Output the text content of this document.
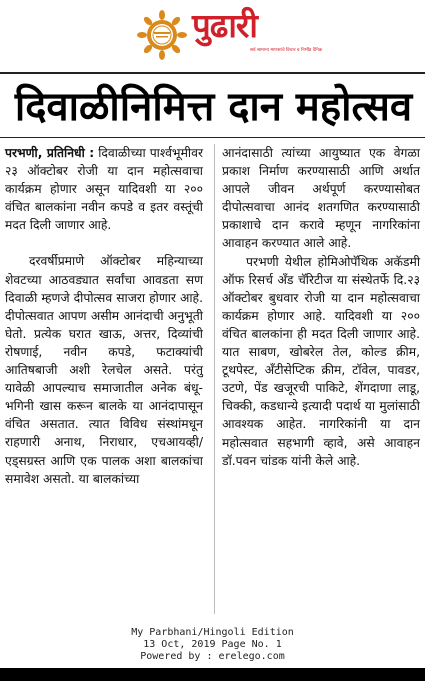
पुढारी
सर्व सामान्य माणसांचे विचार व निर्भीड दैनिक
दिवाळीनिमित्त दान महोत्सव

परभणी, प्रतिनिधी : दिवाळीच्या पार्श्वभूमीवर २३ ऑक्टोबर रोजी या दान महोत्सवाचा कार्यक्रम होणार असून यादिवशी या २०० वंचित बालकांना नवीन कपडे व इतर वस्तूंची मदत दिली जाणार आहे.

दरवर्षीप्रमाणे ऑक्टोबर महिन्याच्या शेवटच्या आठवड्यात सर्वांचा आवडता सण दिवाळी म्हणजे दीपोत्सव साजरा होणार आहे. दीपोत्सवात आपण असीम आनंदाची अनुभूती घेतो. प्रत्येक घरात खाऊ, अत्तर, दिव्यांची रोषणाई, नवीन कपडे, फटाक्यांची आतिषबाजी अशी रेलचेल असते. परंतु यावेळी आपल्याच समाजातील अनेक बंधू- भगिनी खास करून बालके या आनंदापासून वंचित असतात. त्यात विविध संस्थांमधून राहणारी अनाथ, निराधार, एचआयव्ही/एड्सग्रस्त आणि एक पालक अशा बालकांचा समावेश असतो. या बालकांच्या

आनंदासाठी त्यांच्या आयुष्यात एक वेगळा प्रकाश निर्माण करण्यासाठी आणि अर्थात आपले जीवन अर्थपूर्ण करण्यासोबत दीपोत्सवाचा आनंद शतगणित करण्यासाठी प्रकाशाचे दान करावे म्हणून नागरिकांना आवाहन करण्यात आले आहे.

परभणी येथील होमिओपॅथिक अकॅडमी ऑफ रिसर्च अँड चॅरिटीज या संस्थेतर्फे दि.२३ ऑक्टोबर बुधवार रोजी या दान महोत्सवाचा कार्यक्रम होणार आहे. यादिवशी या २०० वंचित बालकांना ही मदत दिली जाणार आहे. यात साबण, खोबरेल तेल, कोल्ड क्रीम, टूथपेस्ट, अँटीसेप्टिक क्रीम, टॉवेल, पावडर, उटणे, पेंड खजूरची पाकिटे, शेंगदाणा लाडू, चिक्की, कडधान्ये इत्यादी पदार्थ या मुलांसाठी आवश्यक आहेत. नागरिकांनी या दान महोत्सवात सहभागी व्हावे, असे आवाहन डॉ.पवन चांडक यांनी केले आहे.

My Parbhani/Hingoli Edition
13 Oct, 2019 Page No. 1
Powered by : erelego.com
